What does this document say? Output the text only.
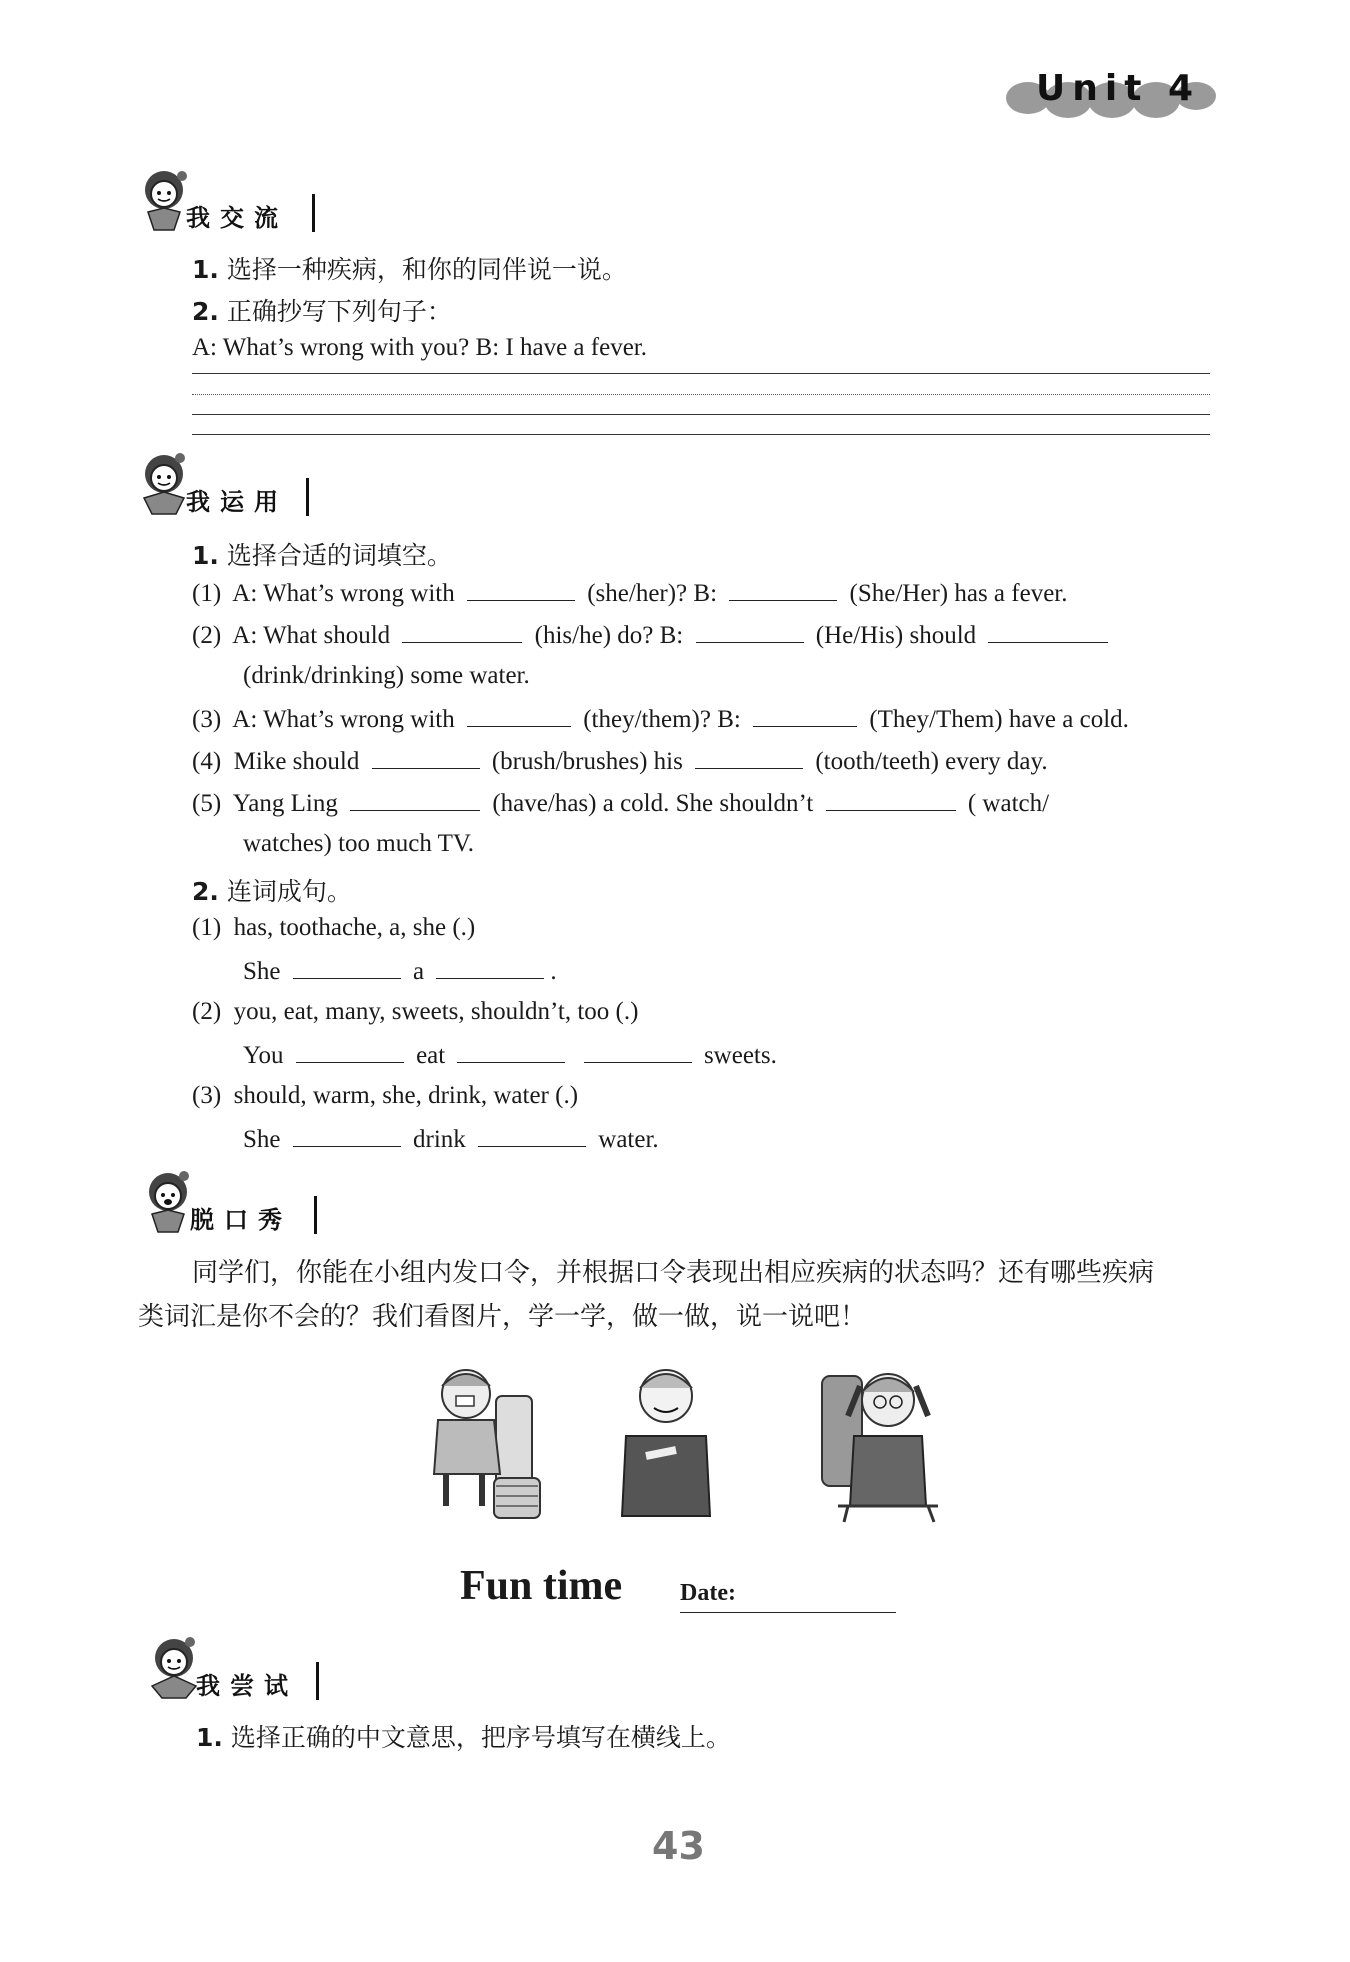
Unit 4
我交流
1. 选择一种疾病，和你的同伴说一说。
2. 正确抄写下列句子：
A: What’s wrong with you? B: I have a fever.
我运用
1. 选择合适的词填空。
(1) A: What’s wrong with	(she/her)? B:	(She/Her) has a fever.
(2) A: What should	(his/he) do? B:	(He/His) should
(drink/drinking) some water.
(3) A: What’s wrong with	(they/them)? B:	(They/Them) have a cold.
(4) Mike should	(brush/brushes) his	(tooth/teeth) every day.
(5) Yang Ling	(have/has) a cold. She shouldn’t	( watch/
watches) too much TV.
2. 连词成句。
(1) has, toothache, a, she (.)
She	a	.
(2) you, eat, many, sweets, shouldn’t, too (.)
You	eat	sweets.
(3) should, warm, she, drink, water (.)
She	drink	water.
脱口秀
同学们，你能在小组内发口令，并根据口令表现出相应疾病的状态吗？还有哪些疾病
类词汇是你不会的？我们看图片，学一学，做一做，说一说吧！
Fun time Date:
我尝试
1. 选择正确的中文意思，把序号填写在横线上。
43
